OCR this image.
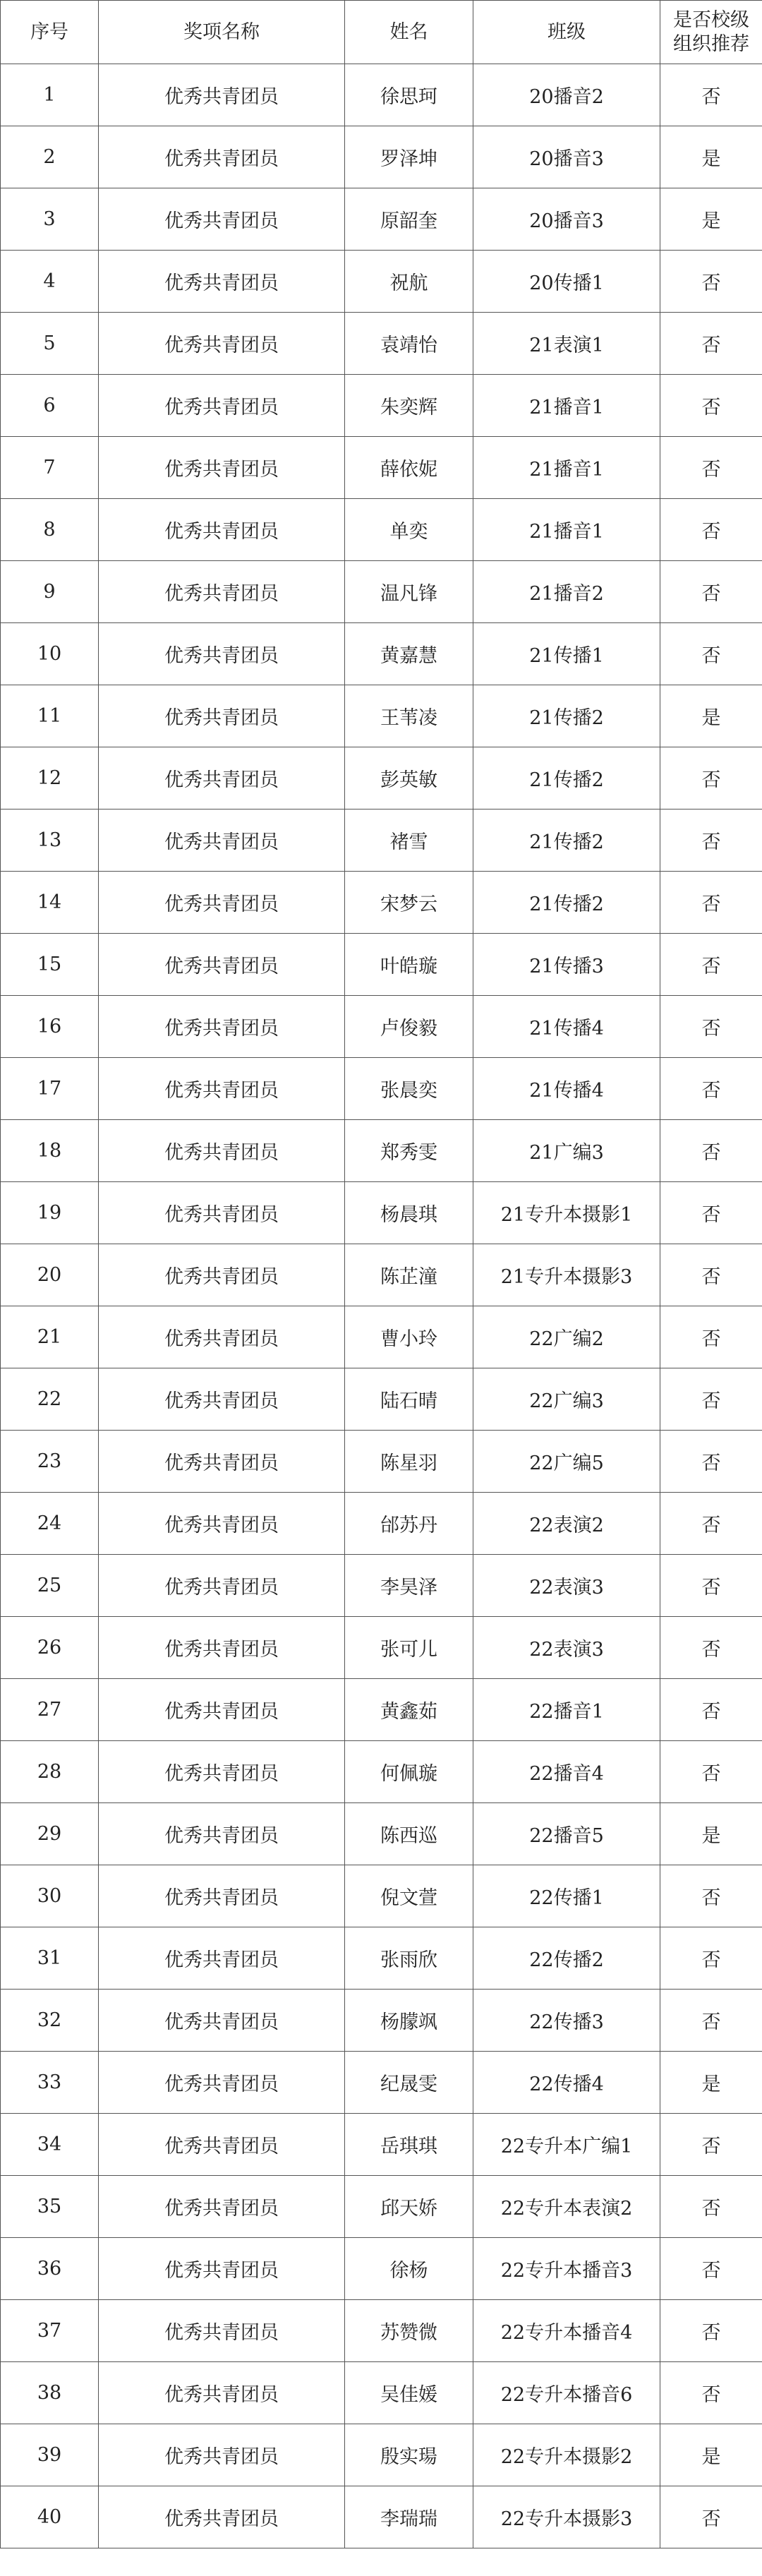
序号	奖项名称	姓名	班级	是否校级
组织推荐

1	优秀共青团员	徐思珂	20播音2	否
2	优秀共青团员	罗泽坤	20播音3	是
3	优秀共青团员	原韶奎	20播音3	是
4	优秀共青团员	祝航	20传播1	否
5	优秀共青团员	袁靖怡	21表演1	否
6	优秀共青团员	朱奕辉	21播音1	否
7	优秀共青团员	薛依妮	21播音1	否
8	优秀共青团员	单奕	21播音1	否
9	优秀共青团员	温凡锋	21播音2	否
10	优秀共青团员	黄嘉慧	21传播1	否
11	优秀共青团员	王苇凌	21传播2	是
12	优秀共青团员	彭英敏	21传播2	否
13	优秀共青团员	褚雪	21传播2	否
14	优秀共青团员	宋梦云	21传播2	否
15	优秀共青团员	叶皓璇	21传播3	否
16	优秀共青团员	卢俊毅	21传播4	否
17	优秀共青团员	张晨奕	21传播4	否
18	优秀共青团员	郑秀雯	21广编3	否
19	优秀共青团员	杨晨琪	21专升本摄影1	否
20	优秀共青团员	陈芷潼	21专升本摄影3	否
21	优秀共青团员	曹小玲	22广编2	否
22	优秀共青团员	陆石晴	22广编3	否
23	优秀共青团员	陈星羽	22广编5	否
24	优秀共青团员	邰苏丹	22表演2	否
25	优秀共青团员	李昊泽	22表演3	否
26	优秀共青团员	张可儿	22表演3	否
27	优秀共青团员	黄鑫茹	22播音1	否
28	优秀共青团员	何佩璇	22播音4	否
29	优秀共青团员	陈西巡	22播音5	是
30	优秀共青团员	倪文萱	22传播1	否
31	优秀共青团员	张雨欣	22传播2	否
32	优秀共青团员	杨朦飒	22传播3	否
33	优秀共青团员	纪晟雯	22传播4	是
34	优秀共青团员	岳琪琪	22专升本广编1	否
35	优秀共青团员	邱天娇	22专升本表演2	否
36	优秀共青团员	徐杨	22专升本播音3	否
37	优秀共青团员	苏赞微	22专升本播音4	否
38	优秀共青团员	吴佳媛	22专升本播音6	否
39	优秀共青团员	殷实瑒	22专升本摄影2	是
40	优秀共青团员	李瑞瑞	22专升本摄影3	否
